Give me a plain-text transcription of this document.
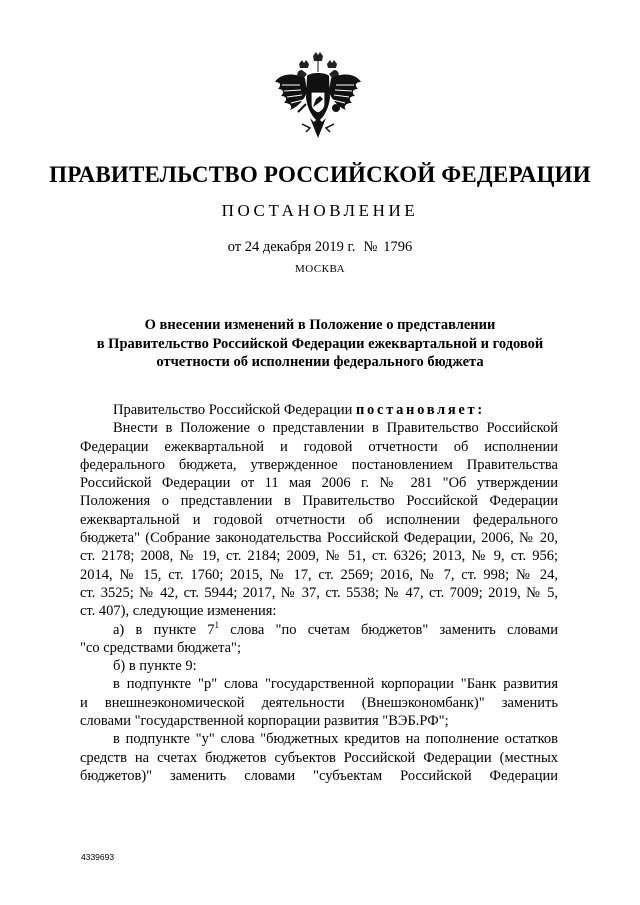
ПРАВИТЕЛЬСТВО РОССИЙСКОЙ ФЕДЕРАЦИИ
ПОСТАНОВЛЕНИЕ
от 24 декабря 2019 г. № 1796
МОСКВА
О внесении изменений в Положение о представлении
в Правительство Российской Федерации ежеквартальной и годовой
отчетности об исполнении федерального бюджета
Правительство Российской Федерации постановляет:
Внести в Положение о представлении в Правительство Российской
Федерации ежеквартальной и годовой отчетности об исполнении
федерального бюджета, утвержденное постановлением Правительства
Российской Федерации от 11 мая 2006 г. № 281 "Об утверждении
Положения о представлении в Правительство Российской Федерации
ежеквартальной и годовой отчетности об исполнении федерального
бюджета" (Собрание законодательства Российской Федерации, 2006, № 20,
ст. 2178; 2008, № 19, ст. 2184; 2009, № 51, ст. 6326; 2013, № 9, ст. 956;
2014, № 15, ст. 1760; 2015, № 17, ст. 2569; 2016, № 7, ст. 998; № 24,
ст. 3525; № 42, ст. 5944; 2017, № 37, ст. 5538; № 47, ст. 7009; 2019, № 5,
ст. 407), следующие изменения:
а) в пункте $7^1$ слова "по счетам бюджетов" заменить словами
"со средствами бюджета";
б) в пункте 9:
в подпункте "р" слова "государственной корпорации "Банк развития
и внешнеэкономической деятельности (Внешэкономбанк)" заменить
словами "государственной корпорации развития "ВЭБ.РФ";
в подпункте "у" слова "бюджетных кредитов на пополнение остатков
средств на счетах бюджетов субъектов Российской Федерации (местных
бюджетов)" заменить словами "субъектам Российской Федерации
4339693
